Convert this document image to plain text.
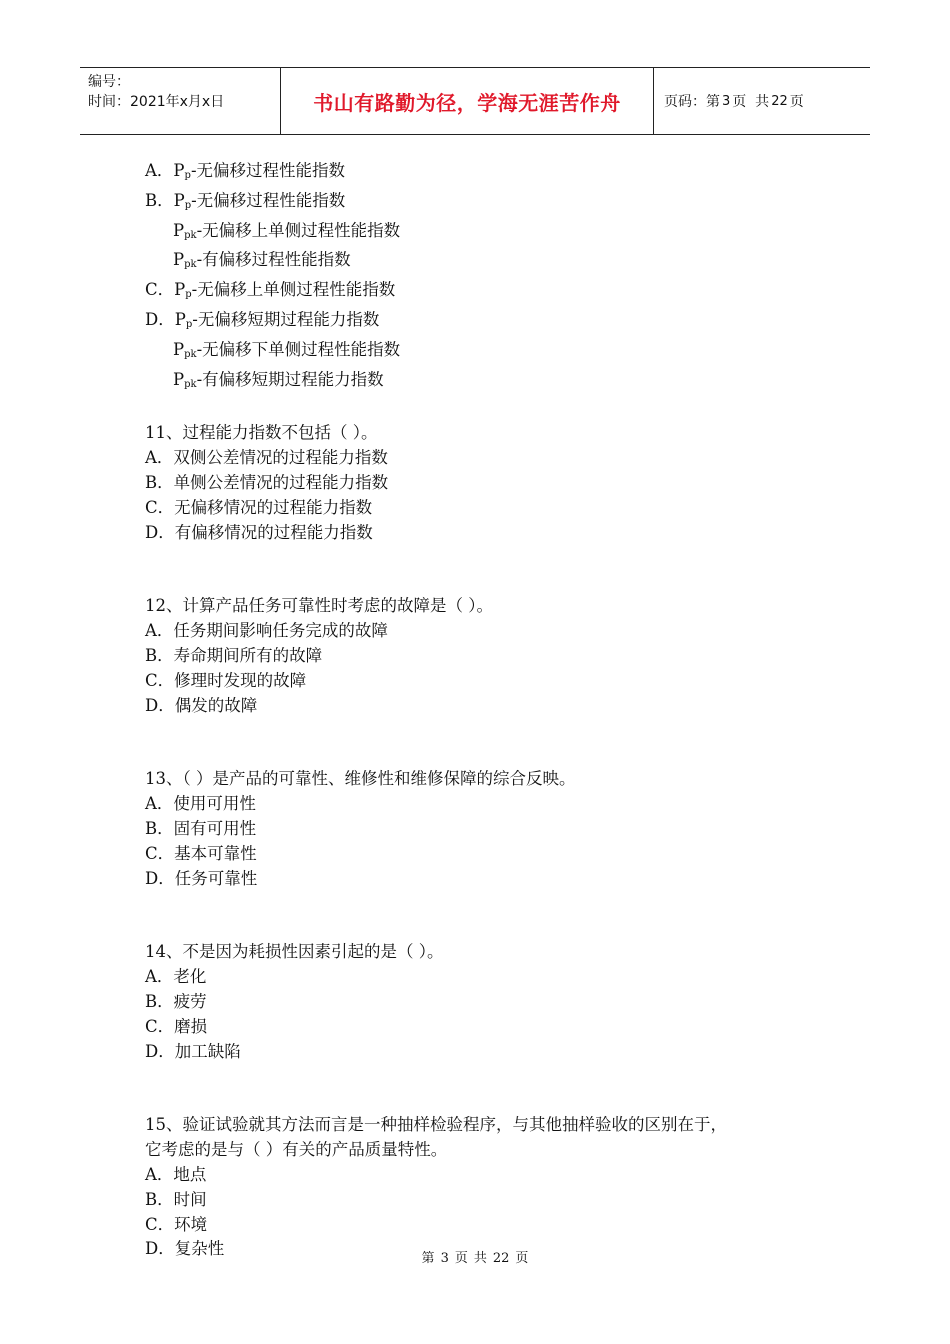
编号：
时间：2021年x月x日	书山有路勤为径，学海无涯苦作舟	页码：第 3 页  共 22 页
A．$P_p-$无偏移过程性能指数
B．$P_p-$无偏移过程性能指数
$P_{pk}-$无偏移上单侧过程性能指数
$P_{pk}-$有偏移过程性能指数
C．$P_p-$无偏移上单侧过程性能指数
D．$P_p-$无偏移短期过程能力指数
$P_{pk}-$无偏移下单侧过程性能指数
$P_{pk}-$有偏移短期过程能力指数
11、过程能力指数不包括（ ）。
A．双侧公差情况的过程能力指数
B．单侧公差情况的过程能力指数
C．无偏移情况的过程能力指数
D．有偏移情况的过程能力指数
12、计算产品任务可靠性时考虑的故障是（ ）。
A．任务期间影响任务完成的故障
B．寿命期间所有的故障
C．修理时发现的故障
D．偶发的故障
13、（ ）是产品的可靠性、维修性和维修保障的综合反映。
A．使用可用性
B．固有可用性
C．基本可靠性
D．任务可靠性
14、不是因为耗损性因素引起的是（ ）。
A．老化
B．疲劳
C．磨损
D．加工缺陷
15、验证试验就其方法而言是一种抽样检验程序，与其他抽样验收的区别在于，
它考虑的是与（ ）有关的产品质量特性。
A．地点
B．时间
C．环境
D．复杂性
第 3 页 共 22 页
